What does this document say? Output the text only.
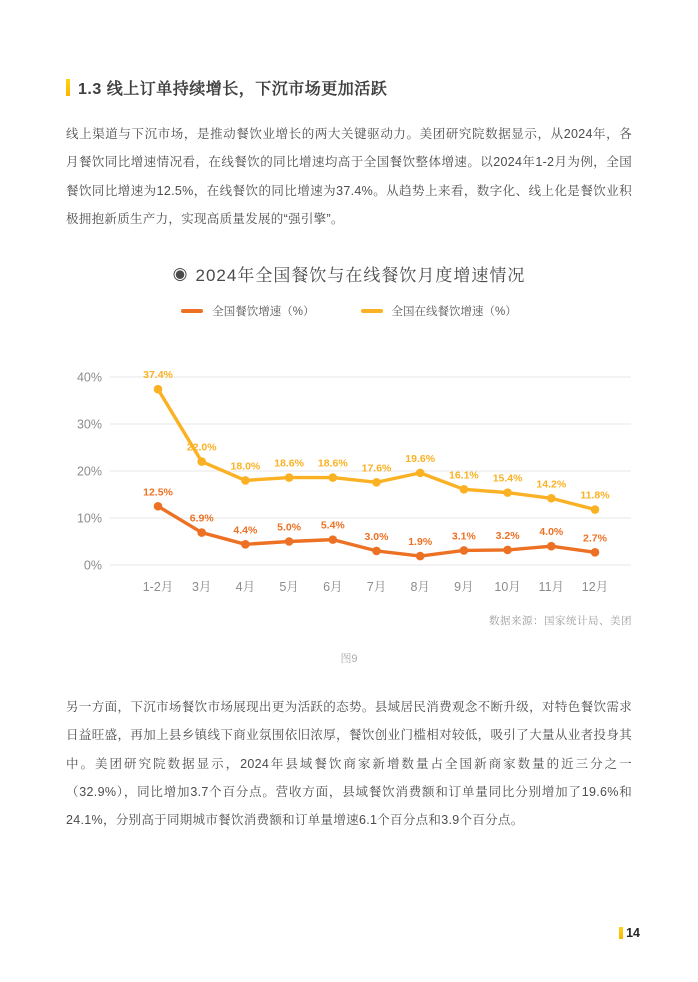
1.3 线上订单持续增长，下沉市场更加活跃

线上渠道与下沉市场，是推动餐饮业增长的两大关键驱动力。美团研究院数据显示，从2024年，各月餐饮同比增速情况看，在线餐饮的同比增速均高于全国餐饮整体增速。以2024年1-2月为例，全国餐饮同比增速为12.5%，在线餐饮的同比增速为37.4%。从趋势上来看，数字化、线上化是餐饮业积极拥抱新质生产力，实现高质量发展的“强引擎”。

◉ 2024年全国餐饮与在线餐饮月度增速情况
全国餐饮增速（%）	全国在线餐饮增速（%）
0%
10%
20%
30%
40%
1-2月 3月 4月 5月 6月 7月 8月 9月 10月 11月 12月
12.5%
6.9%
4.4% 5.0% 5.4%
3.0% 1.9% 3.1% 3.2% 4.0%
2.7%
37.4%
22.0%
18.0% 18.6% 18.6% 17.6%
19.6%
16.1% 15.4% 14.2%
11.8%
数据来源：国家统计局、美团
图9

另一方面，下沉市场餐饮市场展现出更为活跃的态势。县域居民消费观念不断升级，对特色餐饮需求日益旺盛，再加上县乡镇线下商业氛围依旧浓厚，餐饮创业门槛相对较低，吸引了大量从业者投身其中。美团研究院数据显示，2024年县域餐饮商家新增数量占全国新商家数量的近三分之一（32.9%），同比增加3.7个百分点。营收方面，县域餐饮消费额和订单量同比分别增加了19.6%和24.1%，分别高于同期城市餐饮消费额和订单量增速6.1个百分点和3.9个百分点。

14
